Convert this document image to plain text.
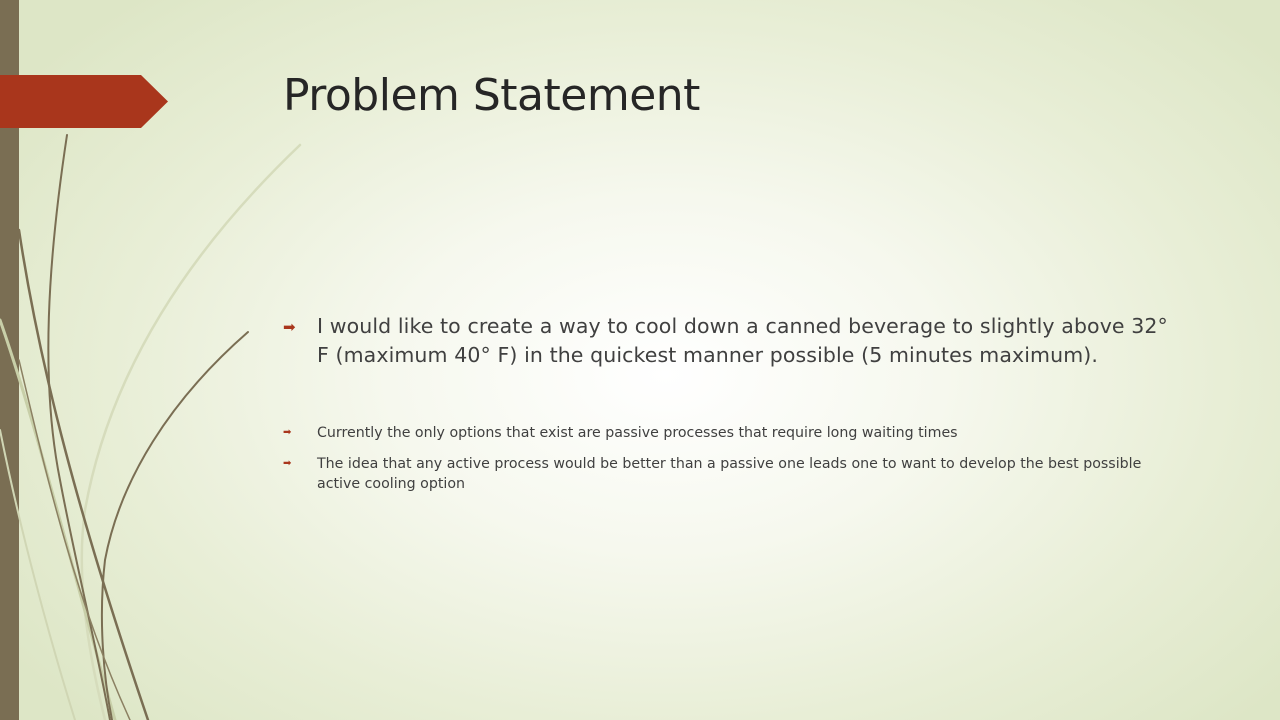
Problem Statement
➡ I would like to create a way to cool down a canned beverage to slightly above 32° F (maximum 40° F) in the quickest manner possible (5 minutes maximum).
➡ Currently the only options that exist are passive processes that require long waiting times
➡ The idea that any active process would be better than a passive one leads one to want to develop the best possible active cooling option
